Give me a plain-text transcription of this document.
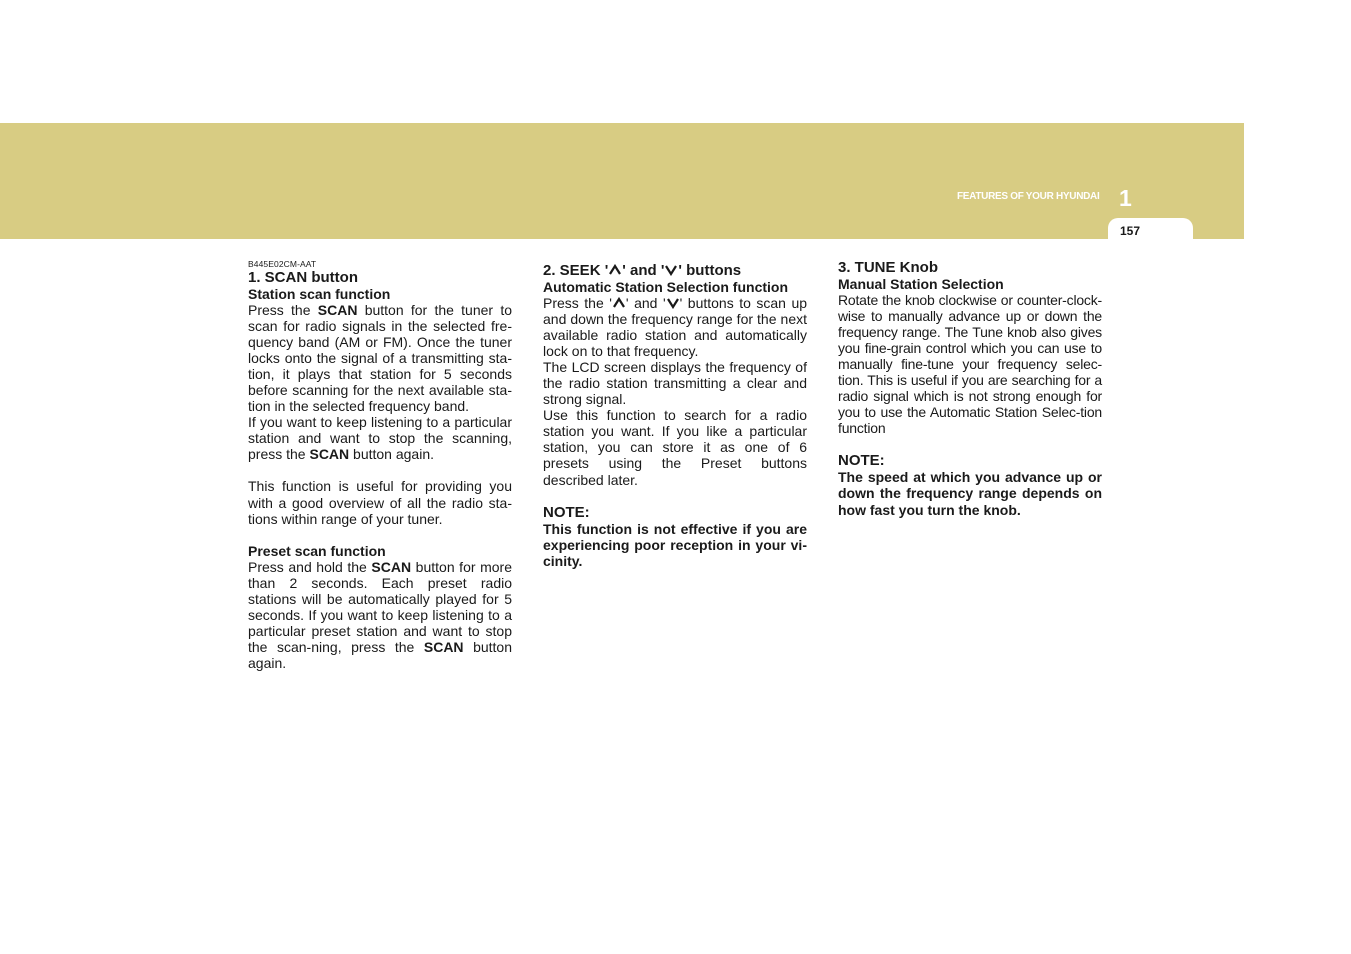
FEATURES OF YOUR HYUNDAI 1
157

B445E02CM-AAT

1. SCAN button

Station scan function

Press the SCAN button for the tuner to scan for radio signals in the selected fre-quency band (AM or FM). Once the tuner locks onto the signal of a transmitting sta-tion, it plays that station for 5 seconds before scanning for the next available sta-tion in the selected frequency band.

If you want to keep listening to a particular station and want to stop the scanning, press the SCAN button again.

This function is useful for providing you with a good overview of all the radio sta-tions within range of your tuner.

Preset scan function

Press and hold the SCAN button for more than 2 seconds. Each preset radio stations will be automatically played for 5 seconds. If you want to keep listening to a particular preset station and want to stop the scan-ning, press the SCAN button again.

2. SEEK ' ' and ' ' buttons

Automatic Station Selection function

Press the ' ' and ' ' buttons to scan up and down the frequency range for the next available radio station and automatically lock on to that frequency.

The LCD screen displays the frequency of the radio station transmitting a clear and strong signal.

Use this function to search for a radio station you want. If you like a particular station, you can store it as one of 6 presets using the Preset buttons described later.

NOTE:

This function is not effective if you are experiencing poor reception in your vi-cinity.

3. TUNE Knob

Manual Station Selection

Rotate the knob clockwise or counter-clock-wise to manually advance up or down the frequency range. The Tune knob also gives you fine-grain control which you can use to manually fine-tune your frequency selec-tion. This is useful if you are searching for a radio signal which is not strong enough for you to use the Automatic Station Selec-tion function

NOTE:

The speed at which you advance up or down the frequency range depends on how fast you turn the knob.
